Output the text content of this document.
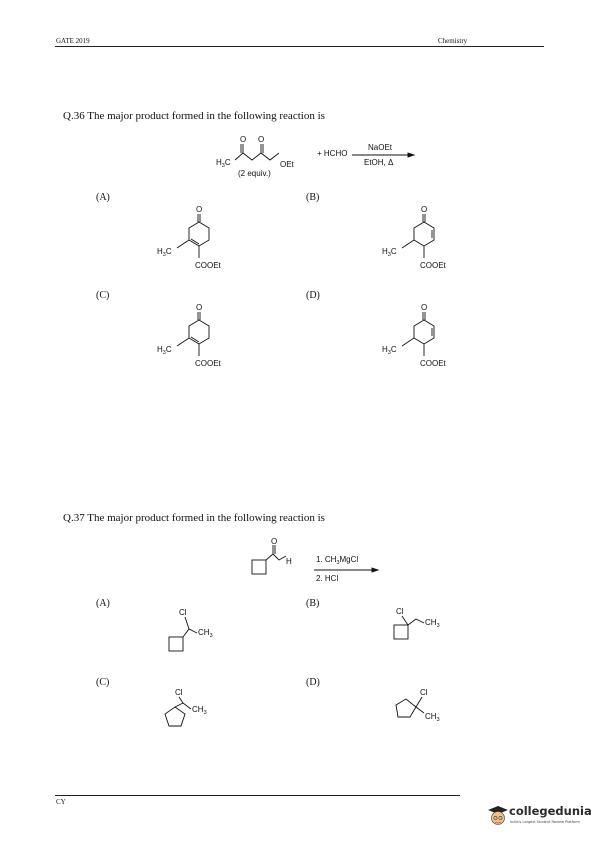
GATE 2019	Chemistry
Q.36 The major product formed in the following reaction is
$H_3C$
O O
OEt
(2 equiv.)
+ HCHO
NaOEt
EtOH, Δ
(A)	(B)
(C)	(D)
O
$H_3C$
COOEt
O
$H_3C$
COOEt
O
$H_3C$
COOEt
O
$H_3C$
COOEt
Q.37 The major product formed in the following reaction is
O
H	1. $CH_3MgCl$
2. HCl
(A)	(B)
(C)	(D)
Cl
$CH_3$
Cl
$CH_3$
Cl
$CH_3$
Cl
$CH_3$
CY
collegedunia
India's Largest Student Review Platform
